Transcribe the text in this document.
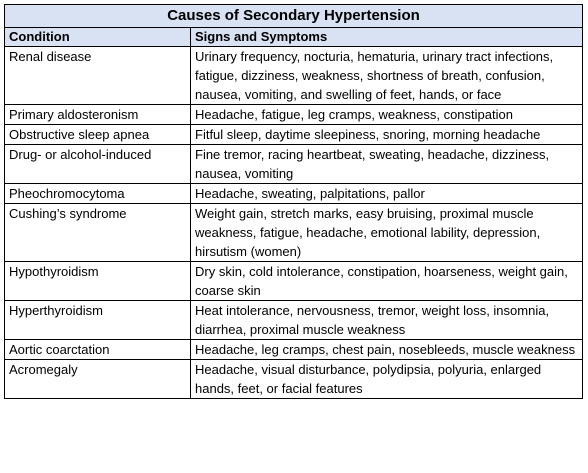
Causes of Secondary Hypertension	
Condition	Signs and Symptoms
Renal disease	Urinary frequency, nocturia, hematuria, urinary tract infections, fatigue, dizziness, weakness, shortness of breath, confusion, nausea, vomiting, and swelling of feet, hands, or face
Primary aldosteronism	Headache, fatigue, leg cramps, weakness, constipation
Obstructive sleep apnea	Fitful sleep, daytime sleepiness, snoring, morning headache
Drug- or alcohol-induced	Fine tremor, racing heartbeat, sweating, headache, dizziness, nausea, vomiting
Pheochromocytoma	Headache, sweating, palpitations, pallor
Cushing’s syndrome	Weight gain, stretch marks, easy bruising, proximal muscle weakness, fatigue, headache, emotional lability, depression, hirsutism (women)
Hypothyroidism	Dry skin, cold intolerance, constipation, hoarseness, weight gain, coarse skin
Hyperthyroidism	Heat intolerance, nervousness, tremor, weight loss, insomnia, diarrhea, proximal muscle weakness
Aortic coarctation	Headache, leg cramps, chest pain, nosebleeds, muscle weakness
Acromegaly	Headache, visual disturbance, polydipsia, polyuria, enlarged hands, feet, or facial features
